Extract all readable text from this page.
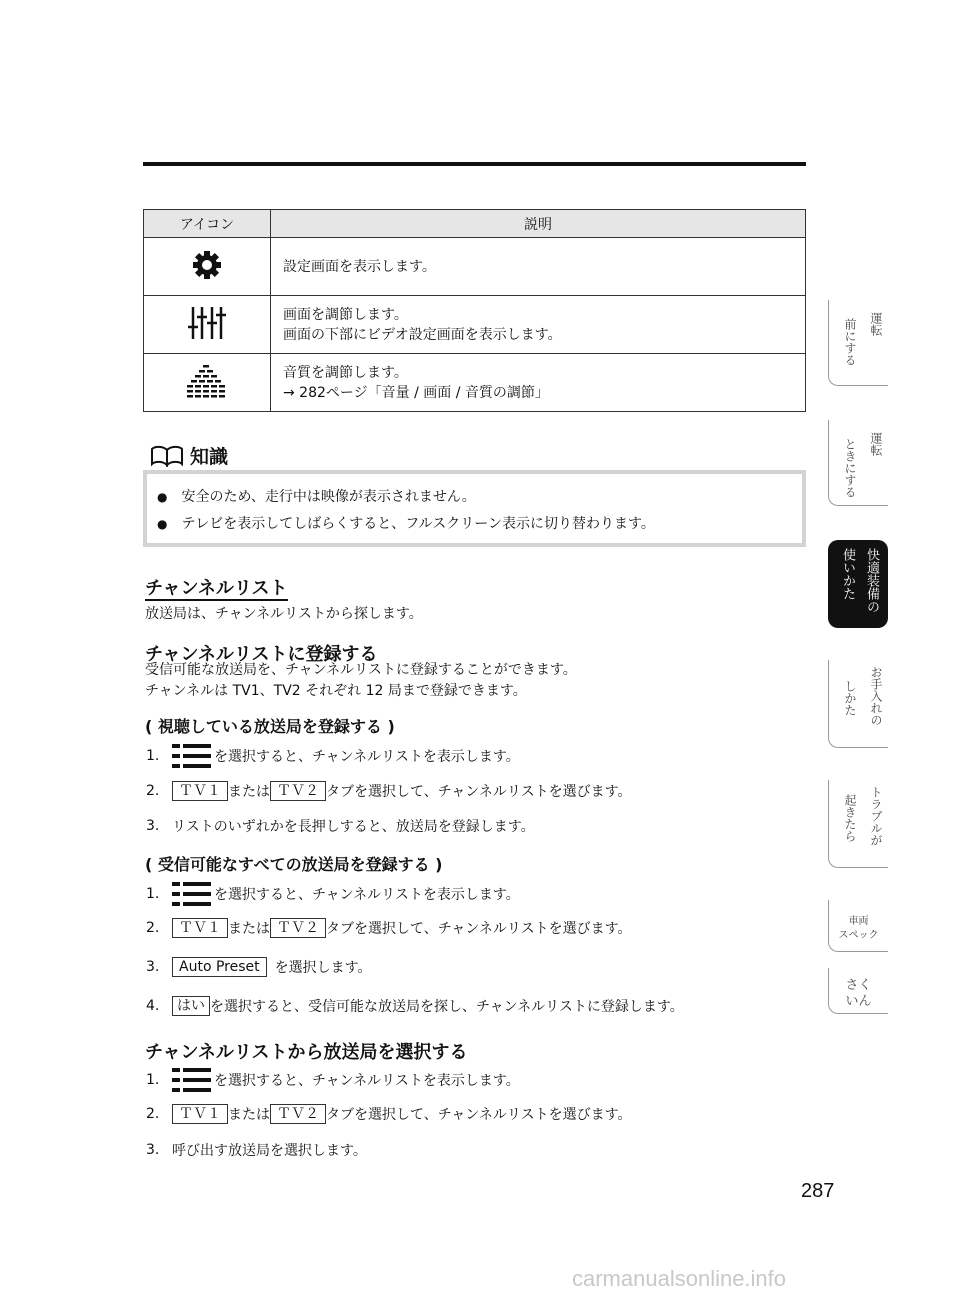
アイコン	説明

設定画面を表示します。

画面を調節します。
画面の下部にビデオ設定画面を表示します。

音質を調節します。
→ 282ページ「音量 / 画面 / 音質の調節」
知識
● 安全のため、走行中は映像が表示されません。
● テレビを表示してしばらくすると、フルスクリーン表示に切り替わります。
チャンネルリスト
放送局は、チャンネルリストから探します。
チャンネルリストに登録する
受信可能な放送局を、チャンネルリストに登録することができます。
チャンネルは TV1、TV2 それぞれ 12 局まで登録できます。
( 視聴している放送局を登録する )
1.	を選択すると、チャンネルリストを表示します。
2.	ＴＶ１ または ＴＶ２ タブを選択して、チャンネルリストを選びます。
3. リストのいずれかを長押しすると、放送局を登録します。
( 受信可能なすべての放送局を登録する )
1.	を選択すると、チャンネルリストを表示します。
2.	ＴＶ１ または ＴＶ２ タブを選択して、チャンネルリストを選びます。
3.	Auto Preset	を選択します。
4.	はい を選択すると、受信可能な放送局を探し、チャンネルリストに登録します。
チャンネルリストから放送局を選択する
1.	を選択すると、チャンネルリストを表示します。
2.	ＴＶ１ または ＴＶ２ タブを選択して、チャンネルリストを選びます。
3. 呼び出す放送局を選択します。
運転
前にする
運転
ときにする
快適装備の
使いかた
お手入れの
しかた
トラブルが
起きたら
車両
スペック
さく
いん
287
carmanualsonline.info
